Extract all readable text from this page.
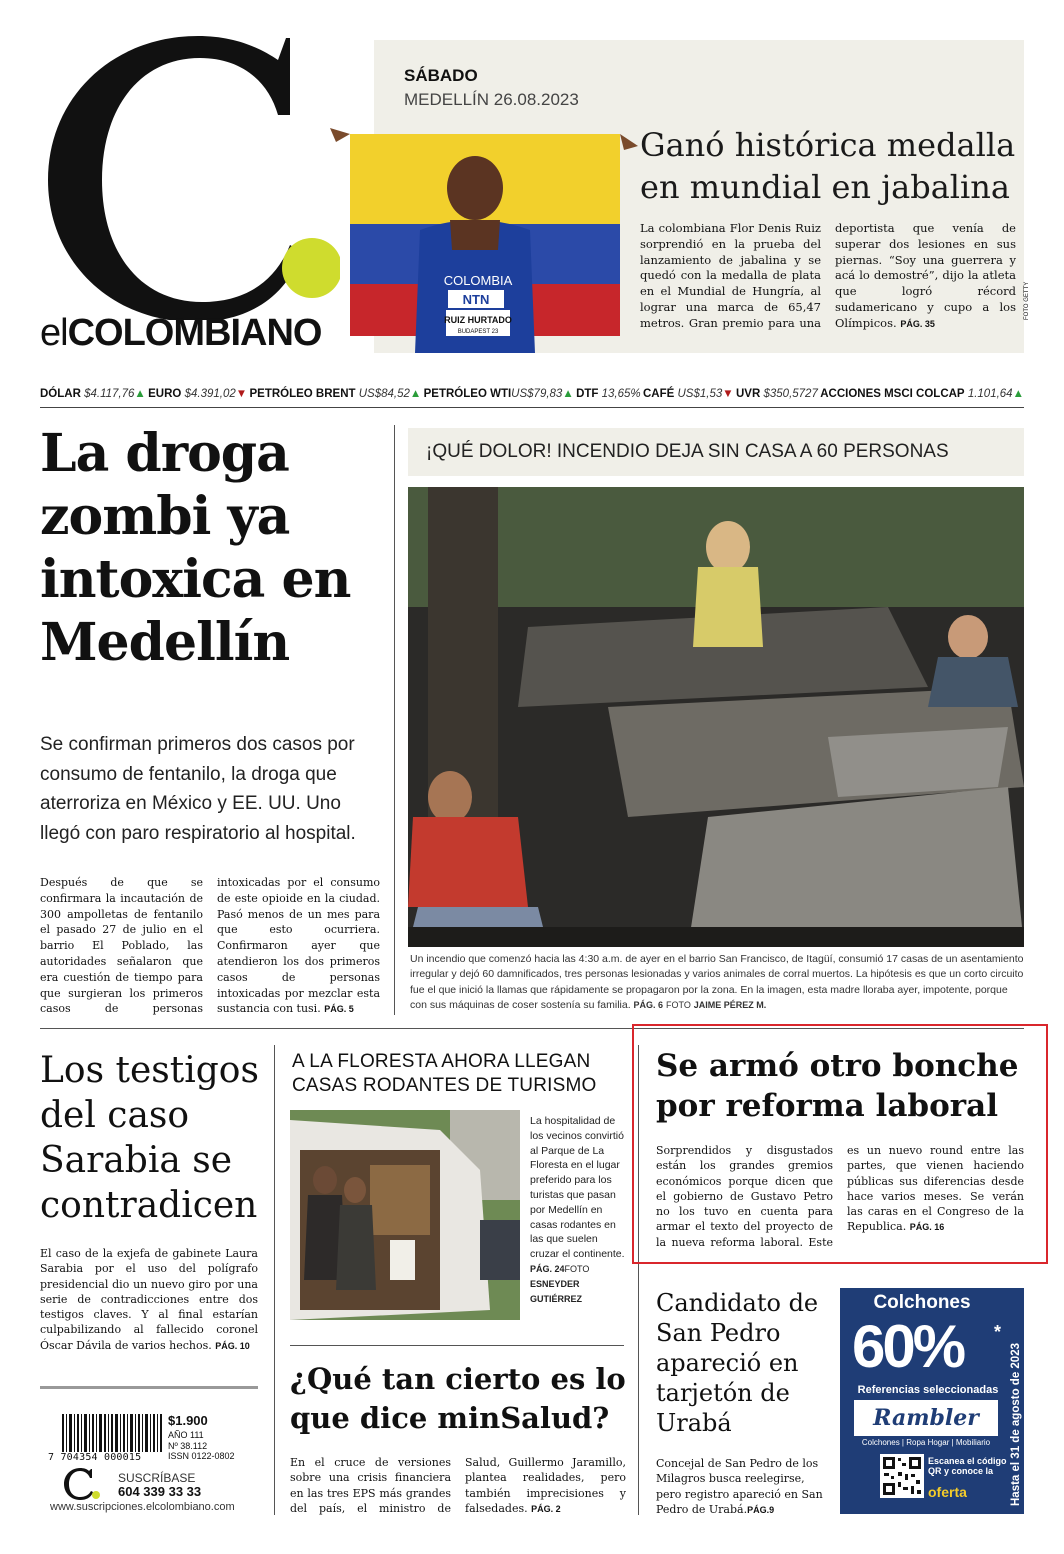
elCOLOMBIANO
SÁBADO
MEDELLÍN 26.08.2023
COLOMBIA
NTN
RUIZ HURTADO
BUDAPEST 23
Ganó histórica medalla en mundial en jabalina
La colombiana Flor Denis Ruiz sorprendió en la prueba del lanzamiento de jabalina y se quedó con la medalla de plata en el Mundial de Hungría, al lograr una marca de 65,47 metros. Gran premio para una deportista que venía de superar dos lesiones en sus piernas. “Soy una guerrera y acá lo demostré”, dijo la atleta que logró récord sudamericano y cupo a los Olímpicos. PÁG. 35
FOTO GETTY
DÓLAR $4.117,76▲ EURO $4.391,02▼ PETRÓLEO BRENT US$84,52▲ PETRÓLEO WTIUS$79,83▲ DTF 13,65% CAFÉ US$1,53▼ UVR $350,5727 ACCIONES MSCI COLCAP 1.101,64▲
La droga zombi ya intoxica en Medellín
Se confirman primeros dos casos por consumo de fentanilo, la droga que aterroriza en México y EE. UU. Uno llegó con paro respiratorio al hospital.
Después de que se confirmara la incautación de 300 ampolletas de fentanilo el pasado 27 de julio en el barrio El Poblado, las autoridades señalaron que era cuestión de tiempo para que surgieran los primeros casos de personas intoxicadas por el consumo de este opioide en la ciudad. Pasó menos de un mes para que esto ocurriera. Confirmaron ayer que atendieron los dos primeros casos de personas intoxicadas por mezclar esta sustancia con tusi. PÁG. 5
¡QUÉ DOLOR! INCENDIO DEJA SIN CASA A 60 PERSONAS
Un incendio que comenzó hacia las 4:30 a.m. de ayer en el barrio San Francisco, de Itagüí, consumió 17 casas de un asentamiento irregular y dejó 60 damnificados, tres personas lesionadas y varios animales de corral muertos. La hipótesis es que un corto circuito fue el que inició la llamas que rápidamente se propagaron por la zona. En la imagen, esta madre lloraba ayer, impotente, porque con sus máquinas de coser sostenía su familia. PÁG. 6 FOTO JAIME PÉREZ M.
Los testigos del caso Sarabia se contradicen
El caso de la exjefa de gabinete Laura Sarabia por el uso del polígrafo presidencial dio un nuevo giro por una serie de contradicciones entre dos testigos claves. Y al final estarían culpabilizando al fallecido coronel Óscar Dávila de varios hechos. PÁG. 10
7 704354 000015
$1.900
AÑO 111
Nº 38.112
ISSN 0122-0802
SUSCRÍBASE
604 339 33 33
www.suscripciones.elcolombiano.com
A LA FLORESTA AHORA LLEGAN CASAS RODANTES DE TURISMO
La hospitalidad de los vecinos convirtió al Parque de La Floresta en el lugar preferido para los turistas que pasan por Medellín en casas rodantes en las que suelen cruzar el continente. PÁG. 24FOTO ESNEYDER GUTIÉRREZ
¿Qué tan cierto es lo que dice minSalud?
En el cruce de versiones sobre una crisis financiera en las tres EPS más grandes del país, el ministro de Salud, Guillermo Jaramillo, plantea realidades, pero también imprecisiones y falsedades. PÁG. 2
Se armó otro bonche por reforma laboral
Sorprendidos y disgustados están los grandes gremios económicos porque dicen que el gobierno de Gustavo Petro no los tuvo en cuenta para armar el texto del proyecto de la nueva reforma laboral. Este es un nuevo round entre las partes, que vienen haciendo públicas sus diferencias desde hace varios meses. Se verán las caras en el Congreso de la Republica. PÁG. 16
Candidato de San Pedro apareció en tarjetón de Urabá
Concejal de San Pedro de los Milagros busca reelegirse, pero registro apareció en San Pedro de Urabá.PÁG.9
Colchones
60% *
Referencias seleccionadas
Rambler
Colchones | Ropa Hogar | Mobiliario
Escanea el código QR y conoce la
oferta	Hasta el 31 de agosto de 2023
